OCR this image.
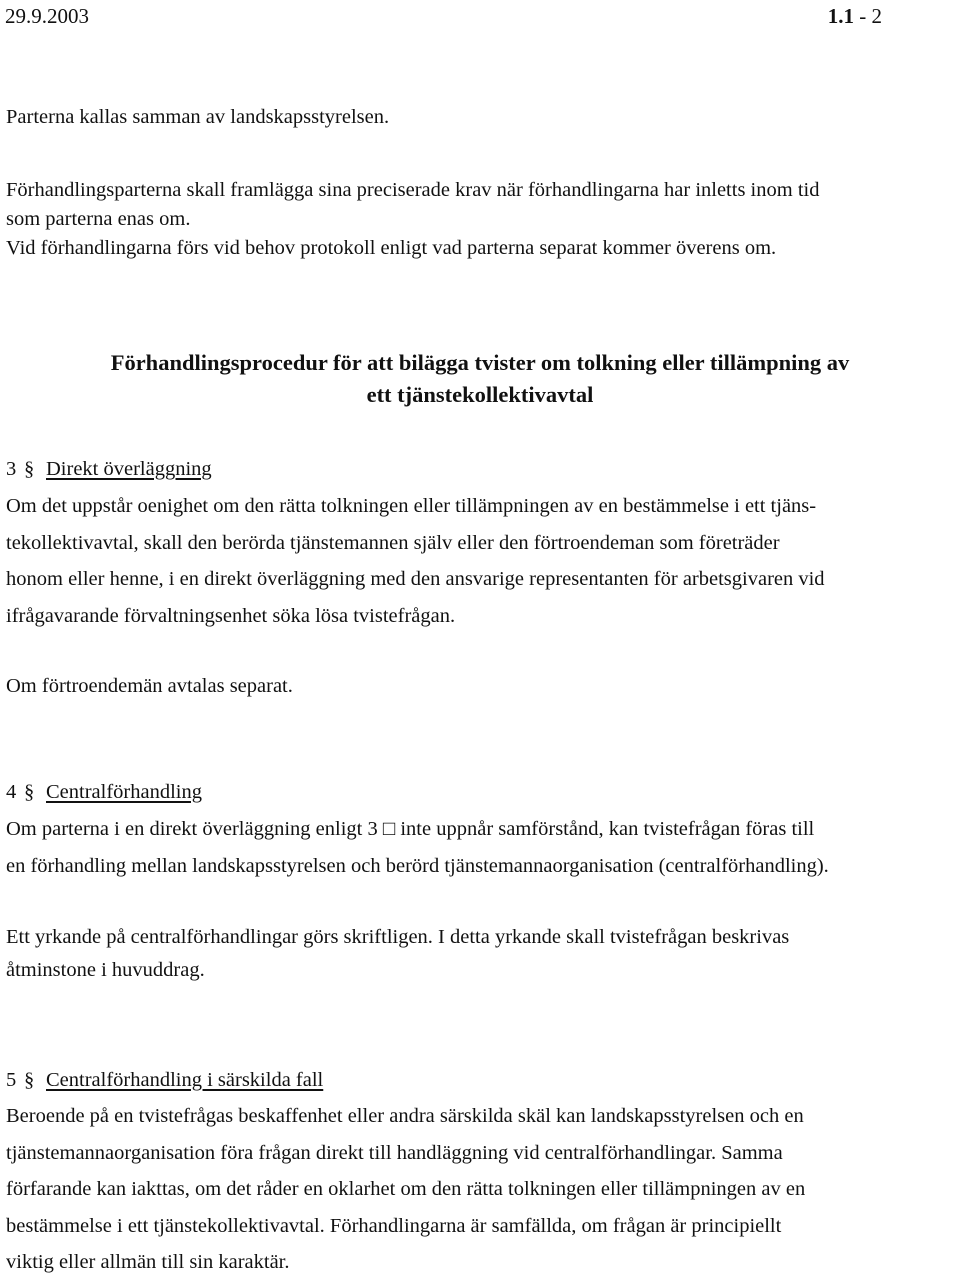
29.9.2003	1.1 - 2

Parterna kallas samman av landskapsstyrelsen.

Förhandlingsparterna skall framlägga sina preciserade krav när förhandlingarna har inletts inom tid
som parterna enas om.
Vid förhandlingarna förs vid behov protokoll enligt vad parterna separat kommer överens om.
Förhandlingsprocedur för att bilägga tvister om tolkning eller tillämpning av
ett tjänstekollektivavtal
3 § Direkt överläggning
Om det uppstår oenighet om den rätta tolkningen eller tillämpningen av en bestämmelse i ett tjäns-
tekollektivavtal, skall den berörda tjänstemannen själv eller den förtroendeman som företräder
honom eller henne, i en direkt överläggning med den ansvarige representanten för arbetsgivaren vid
ifrågavarande förvaltningsenhet söka lösa tvistefrågan.

Om förtroendemän avtalas separat.

4 § Centralförhandling
Om parterna i en direkt överläggning enligt 3 □ inte uppnår samförstånd, kan tvistefrågan föras till
en förhandling mellan landskapsstyrelsen och berörd tjänstemannaorganisation (centralförhandling).
Ett yrkande på centralförhandlingar görs skriftligen. I detta yrkande skall tvistefrågan beskrivas
åtminstone i huvuddrag.
5 § Centralförhandling i särskilda fall
Beroende på en tvistefrågas beskaffenhet eller andra särskilda skäl kan landskapsstyrelsen och en
tjänstemannaorganisation föra frågan direkt till handläggning vid centralförhandlingar. Samma
förfarande kan iakttas, om det råder en oklarhet om den rätta tolkningen eller tillämpningen av en
bestämmelse i ett tjänstekollektivavtal. Förhandlingarna är samfällda, om frågan är principiellt
viktig eller allmän till sin karaktär.
